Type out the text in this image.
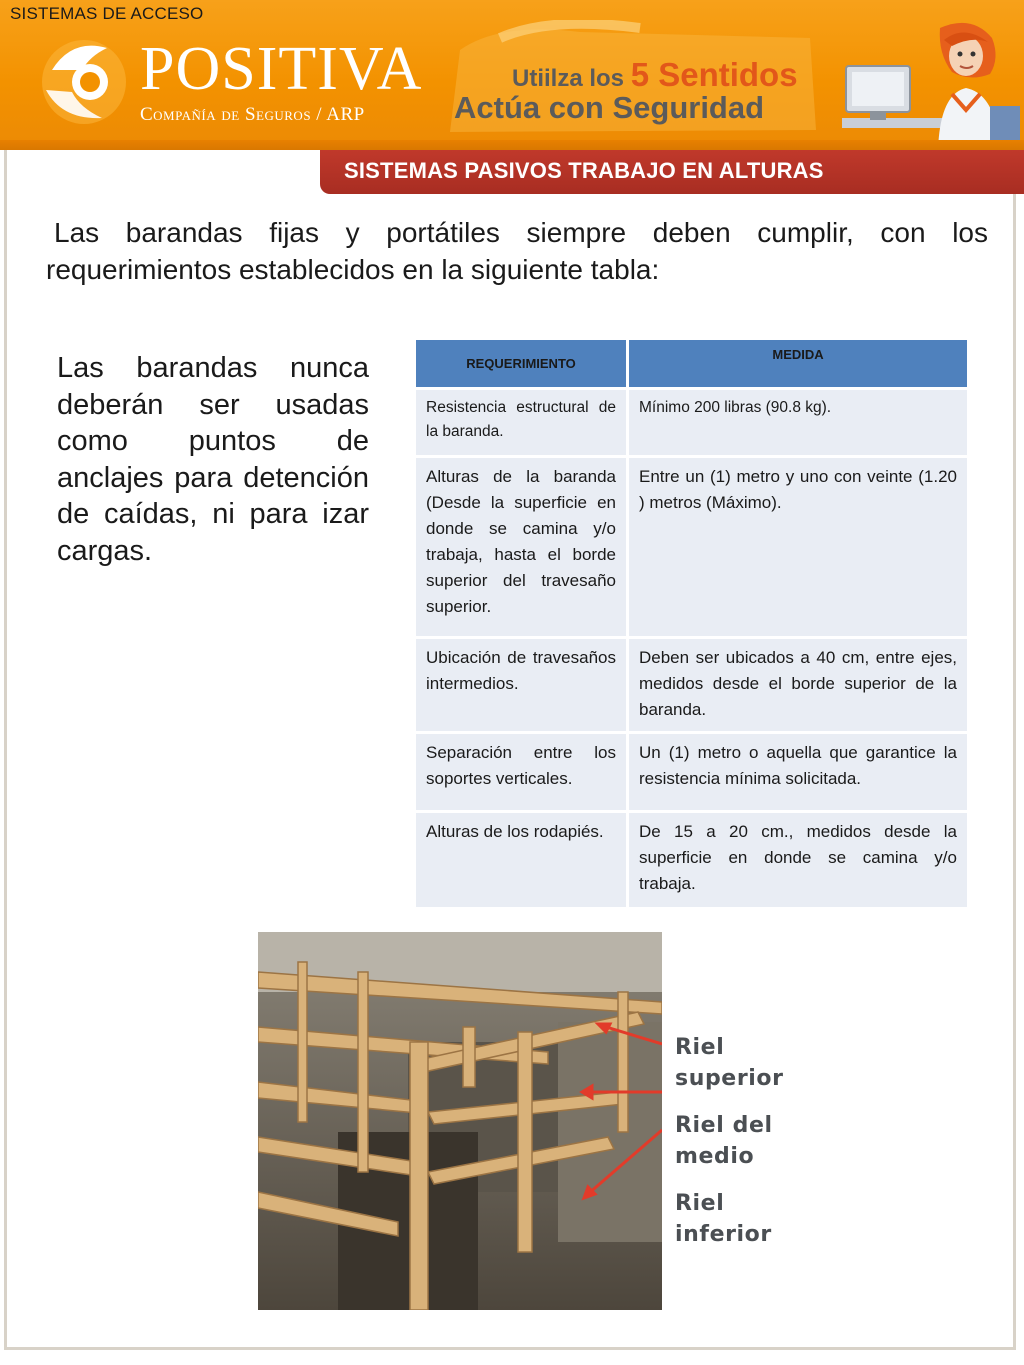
SISTEMAS DE ACCESO
POSITIVA
Compañía de Seguros / ARP
Utiilza los 5 Sentidos
Actúa con Seguridad
SISTEMAS PASIVOS TRABAJO EN ALTURAS
Las barandas fijas y portátiles siempre deben cumplir, con los requerimientos establecidos en la siguiente tabla:
Las barandas nunca deberán ser usadas como puntos de anclajes para detención de caídas, ni para izar cargas.
REQUERIMIENTO	MEDIDA
Resistencia estructural de la baranda.	Mínimo 200 libras (90.8 kg).
Alturas de la baranda (Desde la superficie en donde se camina y/o trabaja, hasta el borde superior del travesaño superior.	Entre un (1) metro y uno con veinte (1.20 ) metros (Máximo).
Ubicación de travesaños intermedios.	Deben ser ubicados a 40 cm, entre ejes, medidos desde el borde superior de la baranda.
Separación entre los soportes verticales.	Un (1) metro o aquella que garantice la resistencia mínima solicitada.
Alturas de los rodapiés.	De 15 a 20 cm., medidos desde la superficie en donde se camina y/o trabaja.
Riel
superior
Riel del
medio
Riel
inferior
